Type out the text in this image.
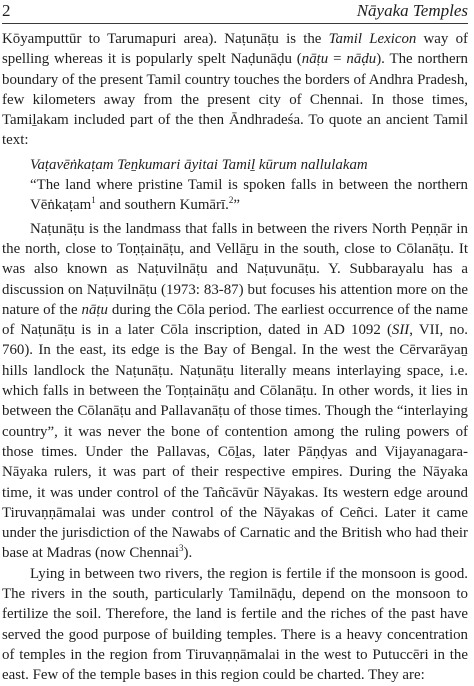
2	Nāyaka Temples

Kōyamputtūr to Tarumapuri area). Naṭunāṭu is the Tamil Lexicon way of spelling whereas it is popularly spelt Naḍunāḍu (nāṭu = nāḍu). The northern boundary of the present Tamil country touches the borders of Andhra Pradesh, few kilometers away from the present city of Chennai. In those times, Tamiḻakam included part of the then Āndhradeśa. To quote an ancient Tamil text:

Vaṭavēṅkaṭam Teṉkumari āyitai Tamiḻ kūrum nallulakam

“The land where pristine Tamil is spoken falls in between the northern Vēṅkaṭam$^1$ and southern Kumārī.$^2$”

Naṭunāṭu is the landmass that falls in between the rivers North Peṇṇār in the north, close to Toṇṭaināṭu, and Vellāṟu in the south, close to Cōlanāṭu. It was also known as Naṭuvilnāṭu and Naṭuvunāṭu. Y. Subbarayalu has a discussion on Naṭuvilnāṭu (1973: 83-87) but focuses his attention more on the nature of the nāṭu during the Cōla period. The earliest occurrence of the name of Naṭunāṭu is in a later Cōla inscription, dated in AD 1092 (SII, VII, no. 760). In the east, its edge is the Bay of Bengal. In the west the Cērvarāyaṉ hills landlock the Naṭunāṭu. Naṭunāṭu literally means interlaying space, i.e. which falls in between the Toṇṭaināṭu and Cōlanāṭu. In other words, it lies in between the Cōlanāṭu and Pallavanāṭu of those times. Though the “interlaying country”, it was never the bone of contention among the ruling powers of those times. Under the Pallavas, Cōḻas, later Pāṇḍyas and Vijayanagara-Nāyaka rulers, it was part of their respective empires. During the Nāyaka time, it was under control of the Tañcāvūr Nāyakas. Its western edge around Tiruvaṇṇāmalai was under control of the Nāyakas of Ceñci. Later it came under the jurisdiction of the Nawabs of Carnatic and the British who had their base at Madras (now Chennai$^3$).

Lying in between two rivers, the region is fertile if the monsoon is good. The rivers in the south, particularly Tamilnāḍu, depend on the monsoon to fertilize the soil. Therefore, the land is fertile and the riches of the past have served the good purpose of building temples. There is a heavy concentration of temples in the region from Tiruvaṇṇāmalai in the west to Putuccēri in the east. Few of the temple bases in this region could be charted. They are:
